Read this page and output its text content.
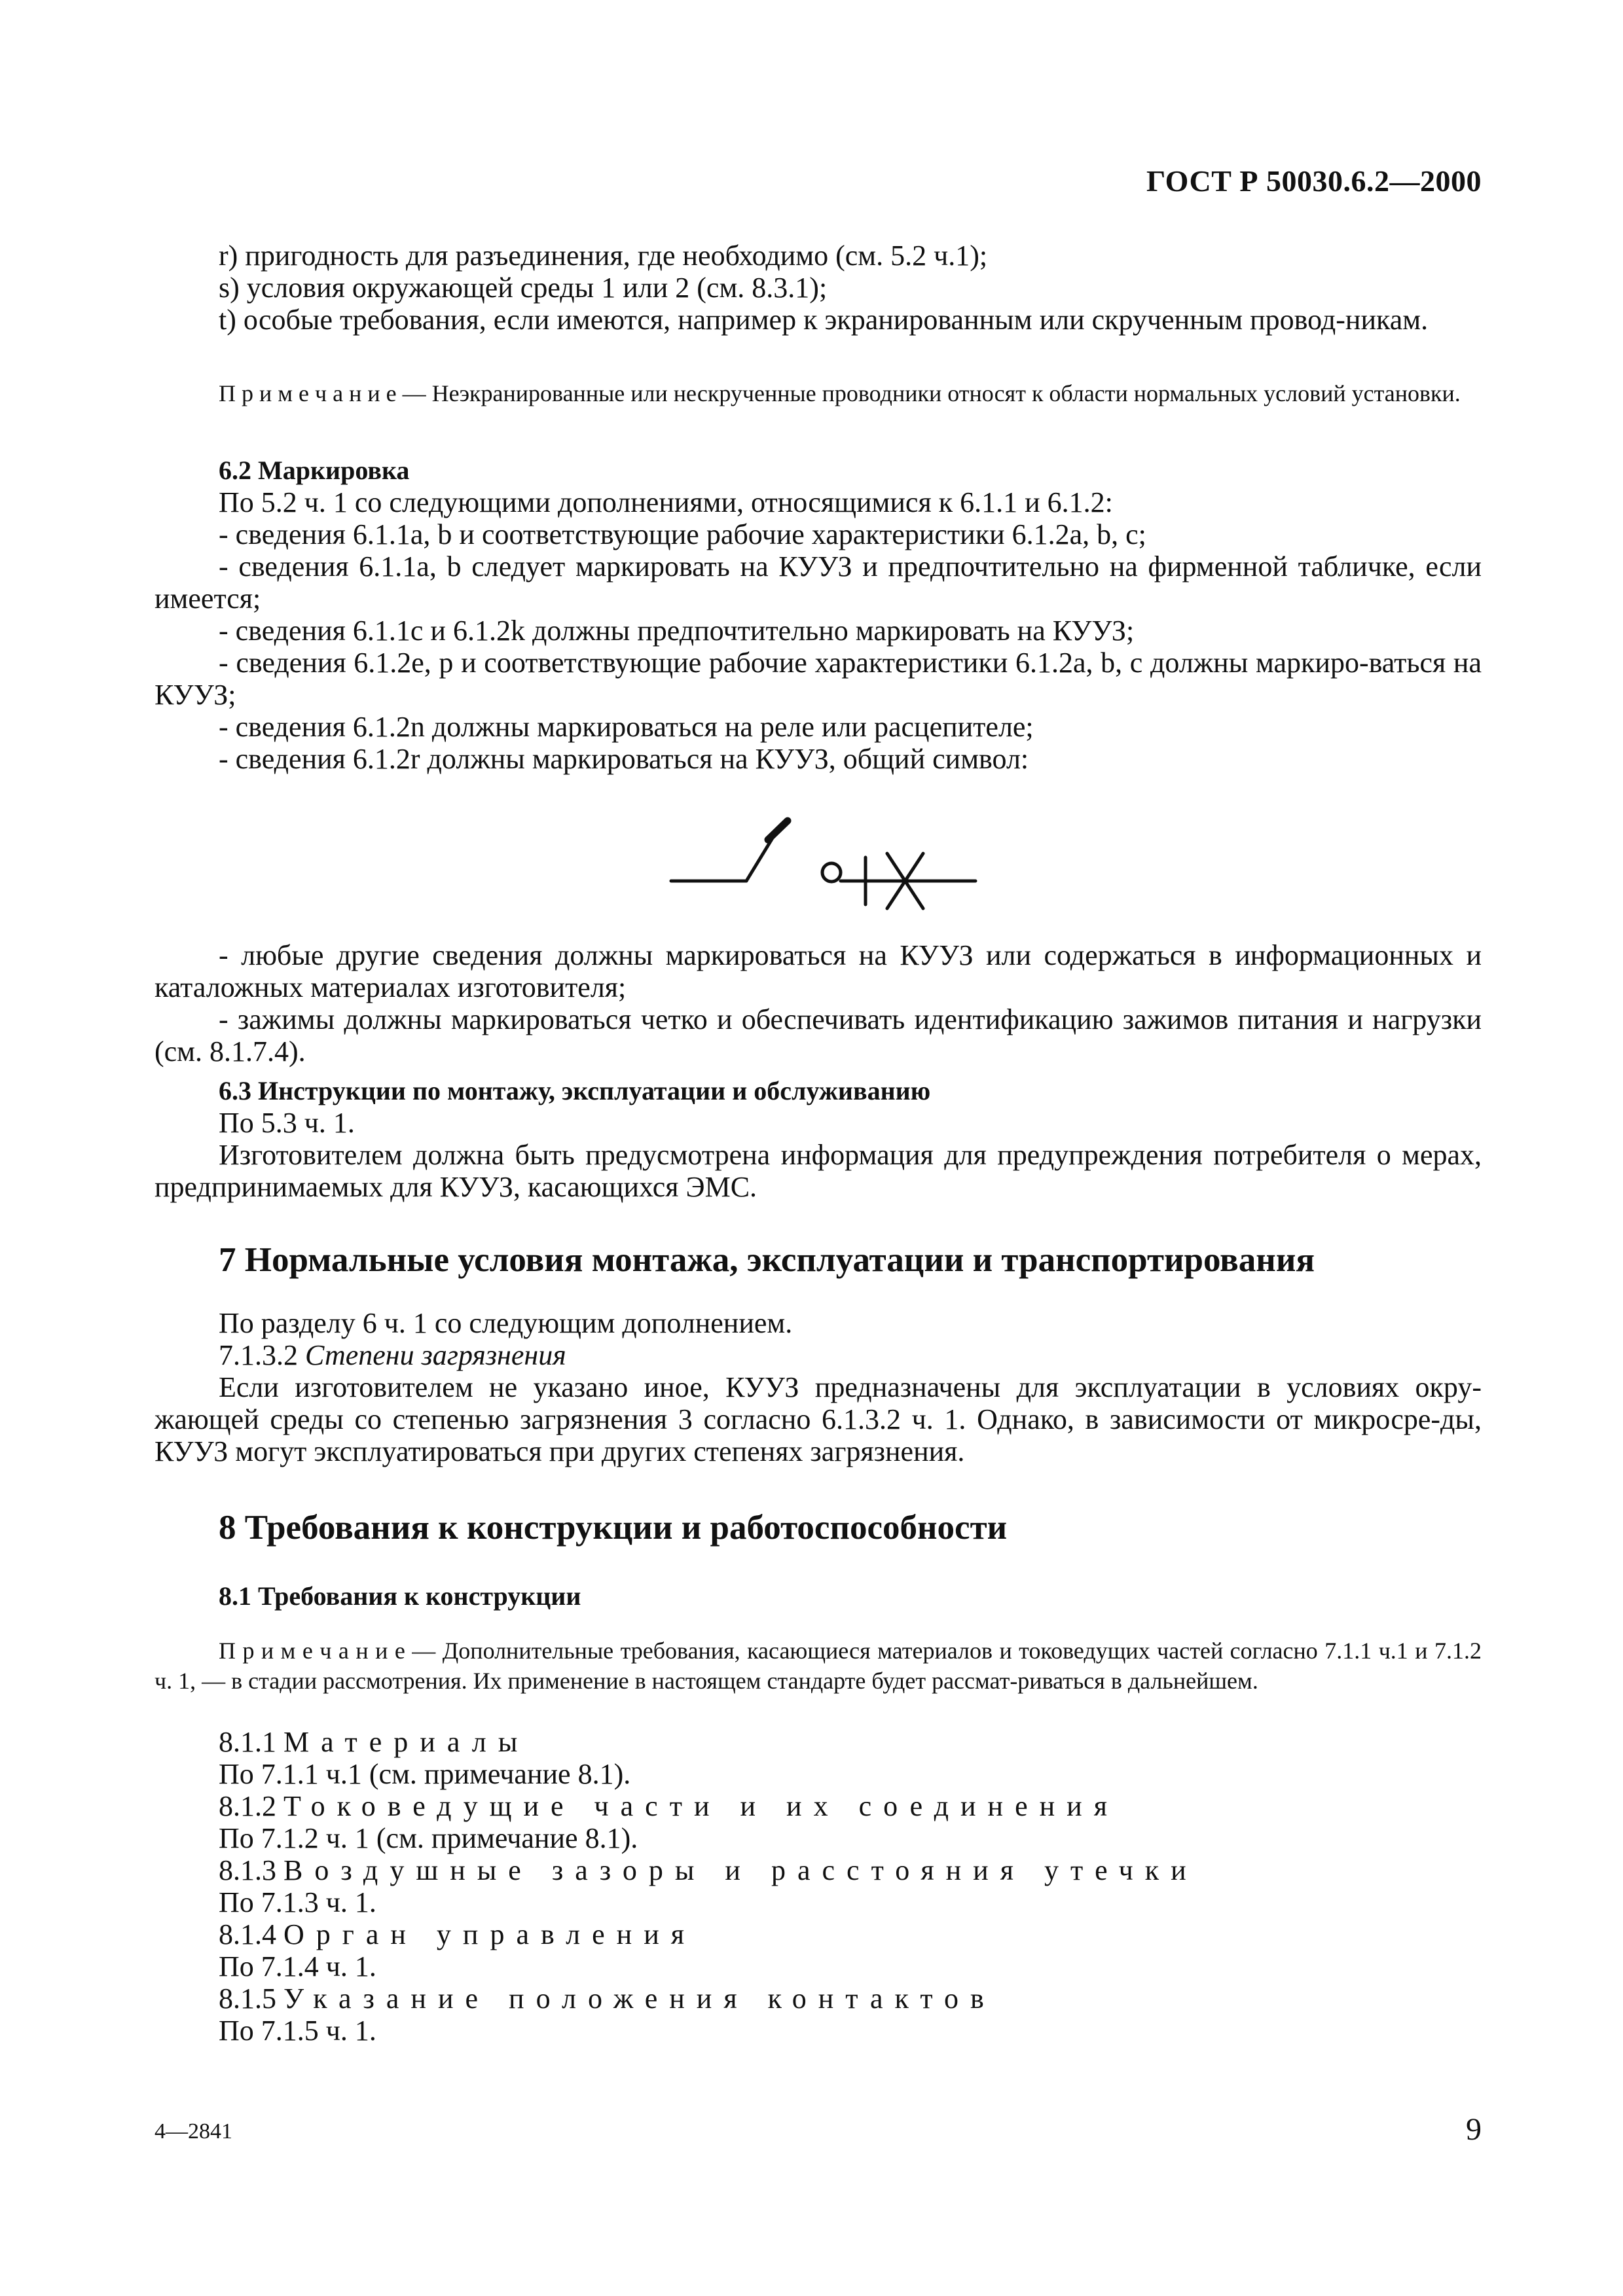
ГОСТ Р 50030.6.2—2000

r) пригодность для разъединения, где необходимо (см. 5.2 ч.1);

s) условия окружающей среды 1 или 2 (см. 8.3.1);

t) особые требования, если имеются, например к экранированным или скрученным провод-никам.

П р и м е ч а н и е — Неэкранированные или нескрученные проводники относят к области нормальных условий установки.

6.2 Маркировка

По 5.2 ч. 1 со следующими дополнениями, относящимися к 6.1.1 и 6.1.2:

- сведения 6.1.1a, b и соответствующие рабочие характеристики 6.1.2a, b, c;

- сведения 6.1.1a, b следует маркировать на КУУЗ и предпочтительно на фирменной табличке, если имеется;

- сведения 6.1.1c и 6.1.2k должны предпочтительно маркировать на КУУЗ;

- сведения 6.1.2e, p и соответствующие рабочие характеристики 6.1.2a, b, c должны маркиро-ваться на КУУЗ;

- сведения 6.1.2n должны маркироваться на реле или расцепителе;

- сведения 6.1.2r должны маркироваться на КУУЗ, общий символ:

- любые другие сведения должны маркироваться на КУУЗ или содержаться в информационных и каталожных материалах изготовителя;

- зажимы должны маркироваться четко и обеспечивать идентификацию зажимов питания и нагрузки (см. 8.1.7.4).

6.3 Инструкции по монтажу, эксплуатации и обслуживанию

По 5.3 ч. 1.

Изготовителем должна быть предусмотрена информация для предупреждения потребителя о мерах, предпринимаемых для КУУЗ, касающихся ЭМС.

7 Нормальные условия монтажа, эксплуатации и транспортирования

По разделу 6 ч. 1 со следующим дополнением.

7.1.3.2 Степени загрязнения

Если изготовителем не указано иное, КУУЗ предназначены для эксплуатации в условиях окру-жающей среды со степенью загрязнения 3 согласно 6.1.3.2 ч. 1. Однако, в зависимости от микросре-ды, КУУЗ могут эксплуатироваться при других степенях загрязнения.

8 Требования к конструкции и работоспособности

8.1 Требования к конструкции

П р и м е ч а н и е — Дополнительные требования, касающиеся материалов и токоведущих частей согласно 7.1.1 ч.1 и 7.1.2 ч. 1, — в стадии рассмотрения. Их применение в настоящем стандарте будет рассмат-риваться в дальнейшем.

8.1.1 Материалы

По 7.1.1 ч.1 (см. примечание 8.1).

8.1.2 Токоведущие части и их соединения

По 7.1.2 ч. 1 (см. примечание 8.1).

8.1.3 Воздушные зазоры и расстояния утечки

По 7.1.3 ч. 1.

8.1.4 Орган управления

По 7.1.4 ч. 1.

8.1.5 Указание положения контактов

По 7.1.5 ч. 1.

4—2841	9
